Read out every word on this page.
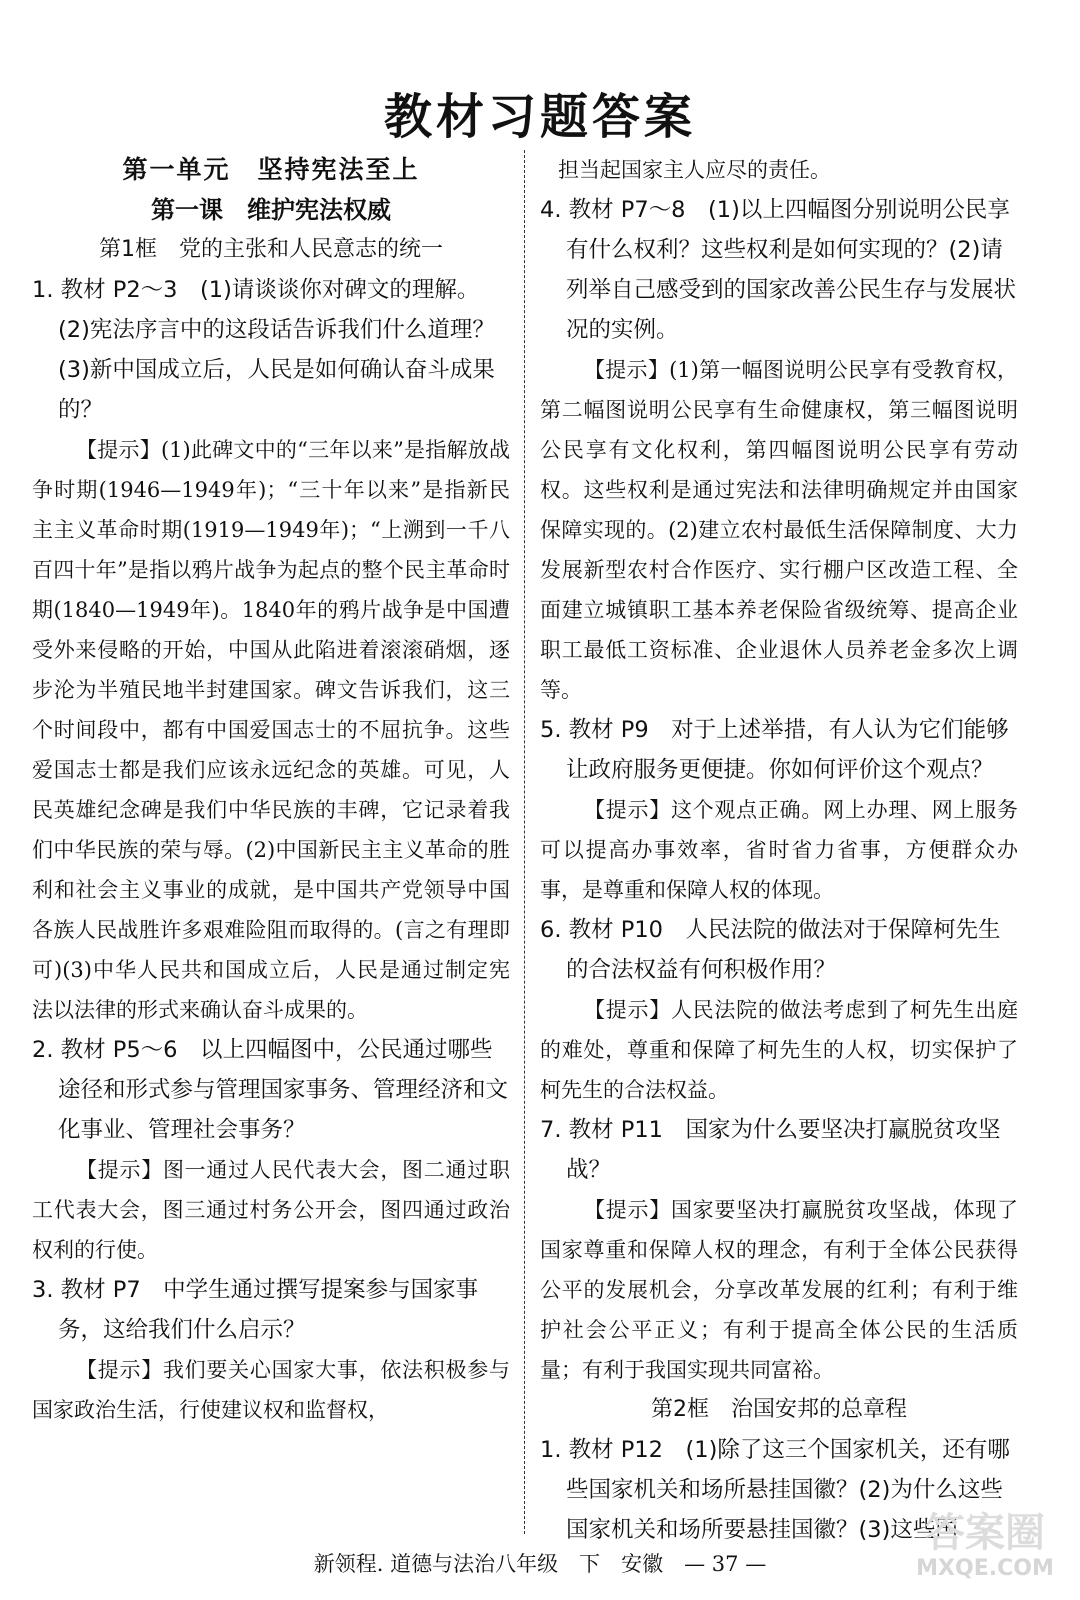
教材习题答案
第一单元　坚持宪法至上
第一课　维护宪法权威
第1框　党的主张和人民意志的统一

1. 教材 P2～3　(1)请谈谈你对碑文的理解。(2)宪法序言中的这段话告诉我们什么道理？(3)新中国成立后，人民是如何确认奋斗成果的？

【提示】(1)此碑文中的“三年以来”是指解放战争时期(1946—1949年)；“三十年以来”是指新民主主义革命时期(1919—1949年)；“上溯到一千八百四十年”是指以鸦片战争为起点的整个民主革命时期(1840—1949年)。1840年的鸦片战争是中国遭受外来侵略的开始，中国从此陷进着滚滚硝烟，逐步沦为半殖民地半封建国家。碑文告诉我们，这三个时间段中，都有中国爱国志士的不屈抗争。这些爱国志士都是我们应该永远纪念的英雄。可见，人民英雄纪念碑是我们中华民族的丰碑，它记录着我们中华民族的荣与辱。(2)中国新民主主义革命的胜利和社会主义事业的成就，是中国共产党领导中国各族人民战胜许多艰难险阻而取得的。(言之有理即可)(3)中华人民共和国成立后，人民是通过制定宪法以法律的形式来确认奋斗成果的。

2. 教材 P5～6　以上四幅图中，公民通过哪些途径和形式参与管理国家事务、管理经济和文化事业、管理社会事务？

【提示】图一通过人民代表大会，图二通过职工代表大会，图三通过村务公开会，图四通过政治权利的行使。

3. 教材 P7　中学生通过撰写提案参与国家事务，这给我们什么启示？

【提示】我们要关心国家大事，依法积极参与国家政治生活，行使建议权和监督权，

担当起国家主人应尽的责任。

4. 教材 P7～8　(1)以上四幅图分别说明公民享有什么权利？这些权利是如何实现的？(2)请列举自己感受到的国家改善公民生存与发展状况的实例。

【提示】(1)第一幅图说明公民享有受教育权，第二幅图说明公民享有生命健康权，第三幅图说明公民享有文化权利，第四幅图说明公民享有劳动权。这些权利是通过宪法和法律明确规定并由国家保障实现的。(2)建立农村最低生活保障制度、大力发展新型农村合作医疗、实行棚户区改造工程、全面建立城镇职工基本养老保险省级统筹、提高企业职工最低工资标准、企业退休人员养老金多次上调等。

5. 教材 P9　对于上述举措，有人认为它们能够让政府服务更便捷。你如何评价这个观点？

【提示】这个观点正确。网上办理、网上服务可以提高办事效率，省时省力省事，方便群众办事，是尊重和保障人权的体现。

6. 教材 P10　人民法院的做法对于保障柯先生的合法权益有何积极作用？

【提示】人民法院的做法考虑到了柯先生出庭的难处，尊重和保障了柯先生的人权，切实保护了柯先生的合法权益。

7. 教材 P11　国家为什么要坚决打赢脱贫攻坚战？

【提示】国家要坚决打赢脱贫攻坚战，体现了国家尊重和保障人权的理念，有利于全体公民获得公平的发展机会，分享改革发展的红利；有利于维护社会公平正义；有利于提高全体公民的生活质量；有利于我国实现共同富裕。

第2框　治国安邦的总章程

1. 教材 P12　(1)除了这三个国家机关，还有哪些国家机关和场所悬挂国徽？(2)为什么这些国家机关和场所要悬挂国徽？(3)这些国

新领程. 道德与法治八年级　下　安徽　— 37 —
答案圈
MXQE.COM
